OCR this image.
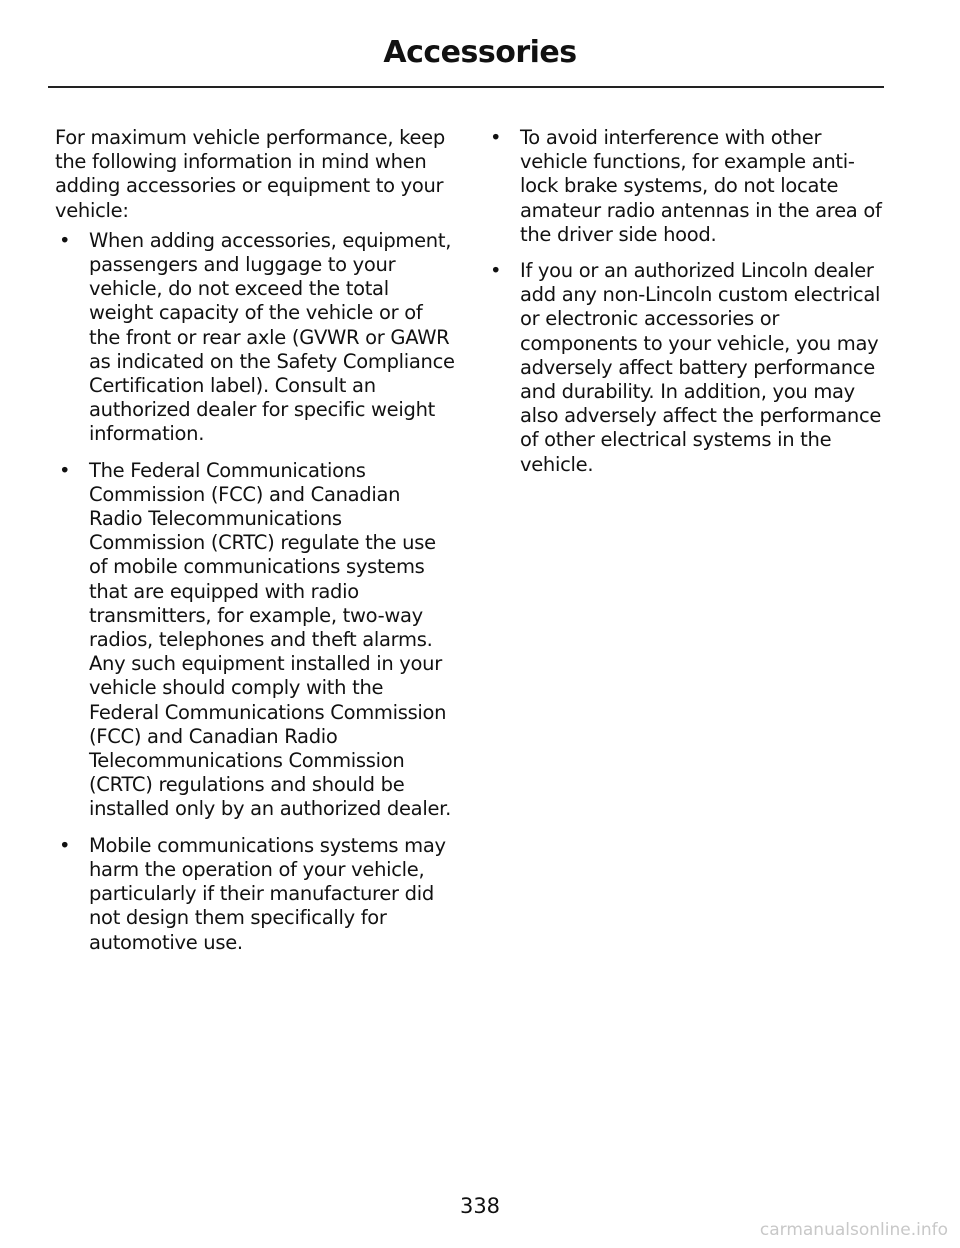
Accessories

For maximum vehicle performance, keep the following information in mind when adding accessories or equipment to your vehicle:

• When adding accessories, equipment, passengers and luggage to your vehicle, do not exceed the total weight capacity of the vehicle or of the front or rear axle (GVWR or GAWR as indicated on the Safety Compliance Certification label). Consult an authorized dealer for specific weight information.
• The Federal Communications Commission (FCC) and Canadian Radio Telecommunications Commission (CRTC) regulate the use of mobile communications systems that are equipped with radio transmitters, for example, two-way radios, telephones and theft alarms. Any such equipment installed in your vehicle should comply with the Federal Communications Commission (FCC) and Canadian Radio Telecommunications Commission (CRTC) regulations and should be installed only by an authorized dealer.
• Mobile communications systems may harm the operation of your vehicle, particularly if their manufacturer did not design them specifically for automotive use.
• To avoid interference with other vehicle functions, for example anti-lock brake systems, do not locate amateur radio antennas in the area of the driver side hood.
• If you or an authorized Lincoln dealer add any non-Lincoln custom electrical or electronic accessories or components to your vehicle, you may adversely affect battery performance and durability. In addition, you may also adversely affect the performance of other electrical systems in the vehicle.

338

carmanualsonline.info
